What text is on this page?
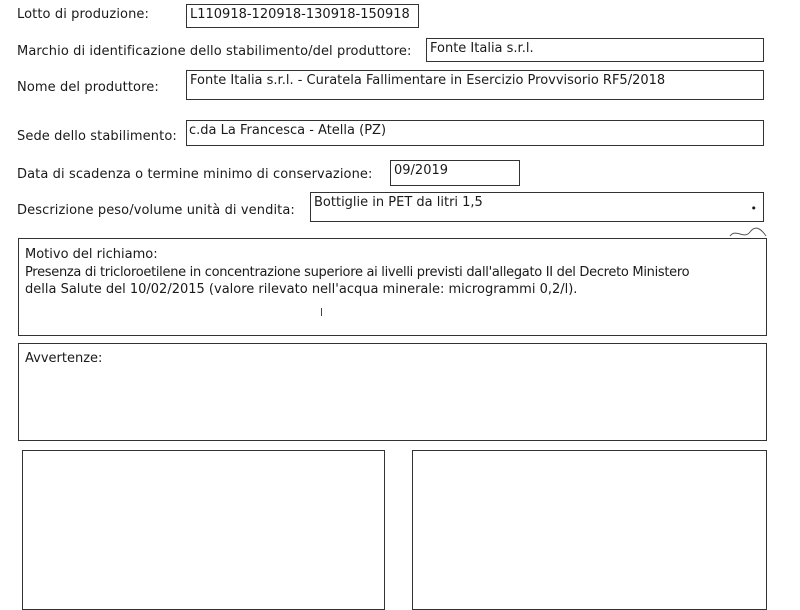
Lotto di produzione:	L110918-120918-130918-150918
Marchio di identificazione dello stabilimento/del produttore:	Fonte Italia s.r.l.
Nome del produttore:	Fonte Italia s.r.l. - Curatela Fallimentare in Esercizio Provvisorio RF5/2018
Sede dello stabilimento: c.da La Francesca - Atella (PZ)
Data di scadenza o termine minimo di conservazione:	09/2019
Descrizione peso/volume unità di vendita:
Bottiglie in PET da litri 1,5	•
Motivo del richiamo:
Presenza di tricloroetilene in concentrazione superiore ai livelli previsti dall'allegato II del Decreto Ministero
della Salute del 10/02/2015 (valore rilevato nell'acqua minerale: microgrammi 0,2/l).
Avvertenze:
